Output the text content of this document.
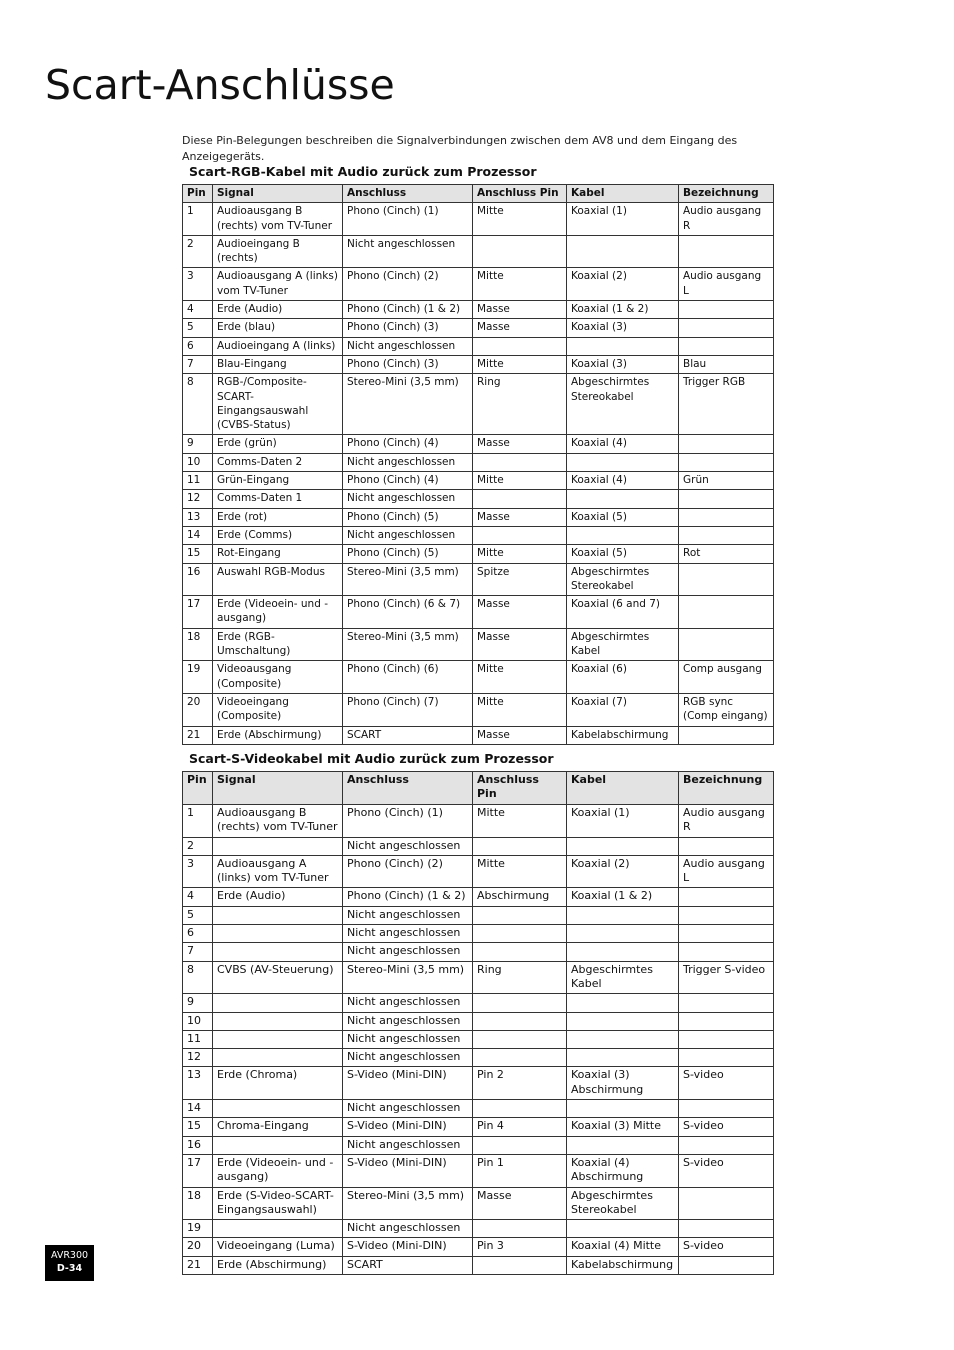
Scart-Anschlüsse

Diese Pin-Belegungen beschreiben die Signalverbindungen zwischen dem AV8 und dem Eingang des Anzeigegeräts.

Scart-RGB-Kabel mit Audio zurück zum Prozessor
Pin	Signal	Anschluss	Anschluss Pin	Kabel	Bezeichnung
1	Audioausgang B (rechts) vom TV-Tuner	Phono (Cinch) (1)	Mitte	Koaxial (1)	Audio ausgang R
2	Audioeingang B (rechts)	Nicht angeschlossen			
3	Audioausgang A (links) vom TV-Tuner	Phono (Cinch) (2)	Mitte	Koaxial (2)	Audio ausgang L
4	Erde (Audio)	Phono (Cinch) (1 & 2)	Masse	Koaxial (1 & 2)	
5	Erde (blau)	Phono (Cinch) (3)	Masse	Koaxial (3)	
6	Audioeingang A (links)	Nicht angeschlossen			
7	Blau-Eingang	Phono (Cinch) (3)	Mitte	Koaxial (3)	Blau
8	RGB-/Composite-SCART-Eingangsauswahl (CVBS-Status)	Stereo-Mini (3,5 mm)	Ring	Abgeschirmtes Stereokabel	Trigger RGB
9	Erde (grün)	Phono (Cinch) (4)	Masse	Koaxial (4)	
10	Comms-Daten 2	Nicht angeschlossen			
11	Grün-Eingang	Phono (Cinch) (4)	Mitte	Koaxial (4)	Grün
12	Comms-Daten 1	Nicht angeschlossen			
13	Erde (rot)	Phono (Cinch) (5)	Masse	Koaxial (5)	
14	Erde (Comms)	Nicht angeschlossen			
15	Rot-Eingang	Phono (Cinch) (5)	Mitte	Koaxial (5)	Rot
16	Auswahl RGB-Modus	Stereo-Mini (3,5 mm)	Spitze	Abgeschirmtes Stereokabel	
17	Erde (Videoein- und -ausgang)	Phono (Cinch) (6 & 7)	Masse	Koaxial (6 and 7)	
18	Erde (RGB-Umschaltung)	Stereo-Mini (3,5 mm)	Masse	Abgeschirmtes Kabel	
19	Videoausgang (Composite)	Phono (Cinch) (6)	Mitte	Koaxial (6)	Comp ausgang
20	Videoeingang (Composite)	Phono (Cinch) (7)	Mitte	Koaxial (7)	RGB sync (Comp eingang)
21	Erde (Abschirmung)	SCART	Masse	Kabelabschirmung	
Scart-S-Videokabel mit Audio zurück zum Prozessor
Pin	Signal	Anschluss	Anschluss Pin	Kabel	Bezeichnung
1	Audioausgang B (rechts) vom TV-Tuner	Phono (Cinch) (1)	Mitte	Koaxial (1)	Audio ausgang R
2		Nicht angeschlossen			
3	Audioausgang A (links) vom TV-Tuner	Phono (Cinch) (2)	Mitte	Koaxial (2)	Audio ausgang L
4	Erde (Audio)	Phono (Cinch) (1 & 2)	Abschirmung	Koaxial (1 & 2)	
5		Nicht angeschlossen			
6		Nicht angeschlossen			
7		Nicht angeschlossen			
8	CVBS (AV-Steuerung)	Stereo-Mini (3,5 mm)	Ring	Abgeschirmtes Kabel	Trigger S-video
9		Nicht angeschlossen			
10		Nicht angeschlossen			
11		Nicht angeschlossen			
12		Nicht angeschlossen			
13	Erde (Chroma)	S-Video (Mini-DIN)	Pin 2	Koaxial (3) Abschirmung	S-video
14		Nicht angeschlossen			
15	Chroma-Eingang	S-Video (Mini-DIN)	Pin 4	Koaxial (3) Mitte	S-video
16		Nicht angeschlossen			
17	Erde (Videoein- und -ausgang)	S-Video (Mini-DIN)	Pin 1	Koaxial (4) Abschirmung	S-video
18	Erde (S-Video-SCART-Eingangsauswahl)	Stereo-Mini (3,5 mm)	Masse	Abgeschirmtes Stereokabel	
19		Nicht angeschlossen			
20	Videoeingang (Luma)	S-Video (Mini-DIN)	Pin 3	Koaxial (4) Mitte	S-video
21	Erde (Abschirmung)	SCART		Kabelabschirmung	
AVR300
D-34
